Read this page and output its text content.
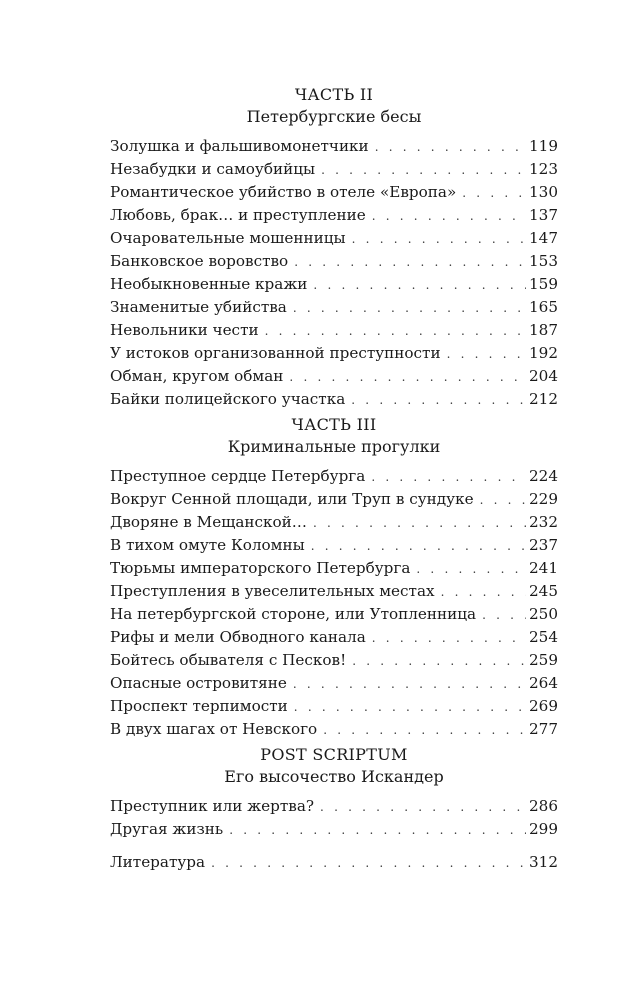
ЧАСТЬ II
Петербургские бесы
Золушка и фальшивомонетчики . . .	119
Незабудки и самоубийцы . . .	123
Романтическое убийство в отеле «Европа» . . .	130
Любовь, брак… и преступление . . .	137
Очаровательные мошенницы . . .	147
Банковское воровство . . .	153
Необыкновенные кражи . . .	159
Знаменитые убийства . . .	165
Невольники чести . . .	187
У истоков организованной преступности . . .	192
Обман, кругом обман . . .	204
Байки полицейского участка . . .	212
ЧАСТЬ III
Криминальные прогулки
Преступное сердце Петербурга . . .	224
Вокруг Сенной площади, или Труп в сундуке . . .	229
Дворяне в Мещанской… . . .	232
В тихом омуте Коломны . . .	237
Тюрьмы императорского Петербурга . . .	241
Преступления в увеселительных местах . . .	245
На петербургской стороне, или Утопленница . . .	250
Рифы и мели Обводного канала . . .	254
Бойтесь обывателя с Песков! . . .	259
Опасные островитяне . . .	264
Проспект терпимости . . .	269
В двух шагах от Невского . . .	277
POST SCRIPTUM
Его высочество Искандер
Преступник или жертва? . . .	286
Другая жизнь . . .	299
Литература . . .	312
